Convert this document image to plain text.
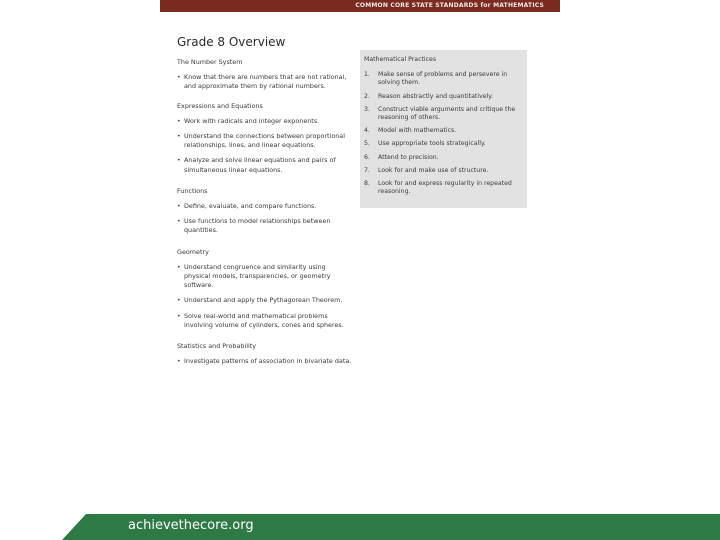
COMMON CORE STATE STANDARDS for MATHEMATICS
Grade 8 Overview
The Number System
• Know that there are numbers that are not rational, and approximate them by rational numbers.
Expressions and Equations
• Work with radicals and integer exponents.
• Understand the connections between proportional relationships, lines, and linear equations.
• Analyze and solve linear equations and pairs of simultaneous linear equations.
Functions
• Define, evaluate, and compare functions.
• Use functions to model relationships between quantities.
Geometry
• Understand congruence and similarity using physical models, transparencies, or geometry software.
• Understand and apply the Pythagorean Theorem.
• Solve real-world and mathematical problems involving volume of cylinders, cones and spheres.
Statistics and Probability
• Investigate patterns of association in bivariate data.
Mathematical Practices
1.	Make sense of problems and persevere in solving them.
2.	Reason abstractly and quantitatively.
3.	Construct viable arguments and critique the reasoning of others.
4.	Model with mathematics.
5.	Use appropriate tools strategically.
6.	Attend to precision.
7.	Look for and make use of structure.
8.	Look for and express regularity in repeated reasoning.
achievethecore.org
